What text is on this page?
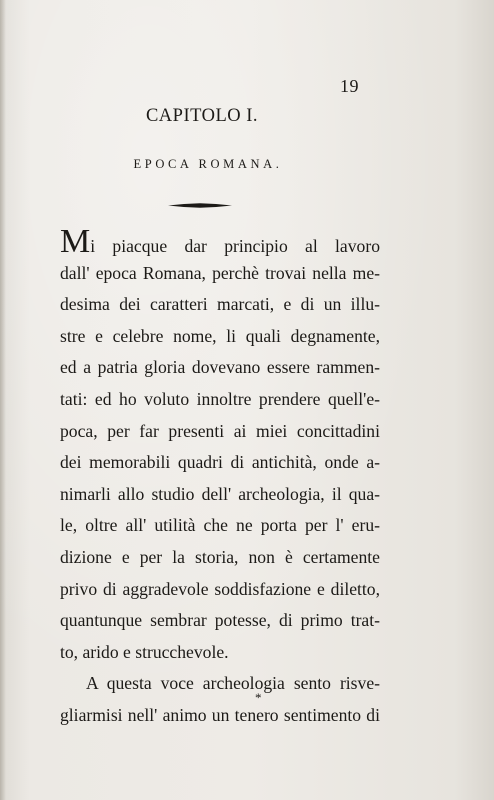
19
CAPITOLO I.
EPOCA ROMANA.
Mi piacque dar principio al lavoro
dall' epoca Romana, perchè trovai nella me-
desima dei caratteri marcati, e di un illu-
stre e celebre nome, li quali degnamente,
ed a patria gloria dovevano essere rammen-
tati: ed ho voluto innoltre prendere quell'e-
poca, per far presenti ai miei concittadini
dei memorabili quadri di antichità, onde a-
nimarli allo studio dell' archeologia, il qua-
le, oltre all' utilità che ne porta per l' eru-
dizione e per la storia, non è certamente
privo di aggradevole soddisfazione e diletto,
quantunque sembrar potesse, di primo trat-
to, arido e strucchevole.
A questa voce archeologia sento risve-
gliarmisi nell' animo un tenero sentimento di
*
